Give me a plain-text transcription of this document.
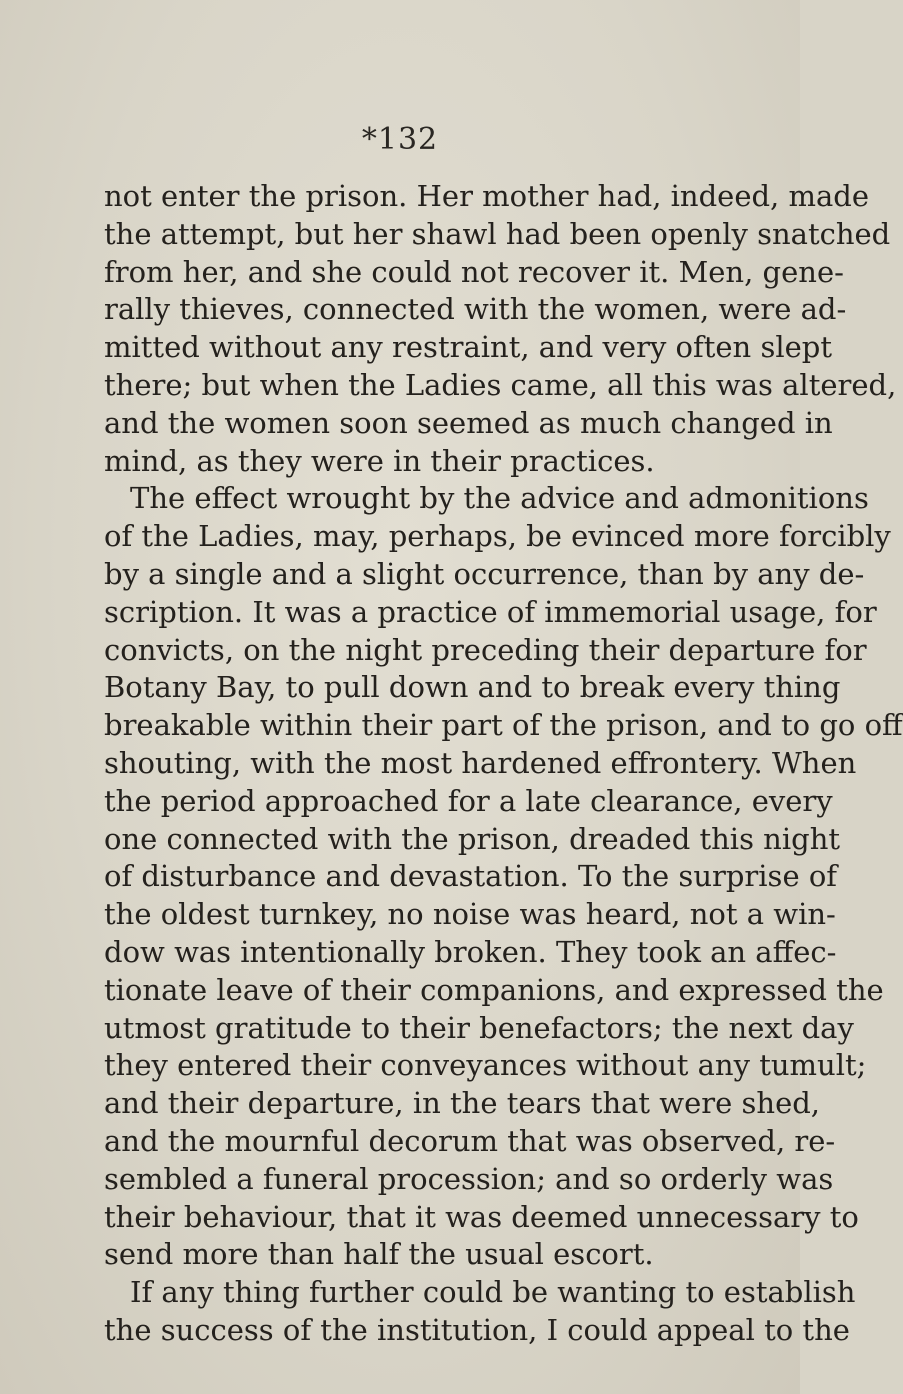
*132
not enter the prison. Her mother had, indeed, made
the attempt, but her shawl had been openly snatched
from her, and she could not recover it. Men, gene-
rally thieves, connected with the women, were ad-
mitted without any restraint, and very often slept
there; but when the Ladies came, all this was altered,
and the women soon seemed as much changed in
mind, as they were in their practices.
The effect wrought by the advice and admonitions
of the Ladies, may, perhaps, be evinced more forcibly
by a single and a slight occurrence, than by any de-
scription. It was a practice of immemorial usage, for
convicts, on the night preceding their departure for
Botany Bay, to pull down and to break every thing
breakable within their part of the prison, and to go off
shouting, with the most hardened effrontery. When
the period approached for a late clearance, every
one connected with the prison, dreaded this night
of disturbance and devastation. To the surprise of
the oldest turnkey, no noise was heard, not a win-
dow was intentionally broken. They took an affec-
tionate leave of their companions, and expressed the
utmost gratitude to their benefactors; the next day
they entered their conveyances without any tumult;
and their departure, in the tears that were shed,
and the mournful decorum that was observed, re-
sembled a funeral procession; and so orderly was
their behaviour, that it was deemed unnecessary to
send more than half the usual escort.
If any thing further could be wanting to establish
the success of the institution, I could appeal to the
